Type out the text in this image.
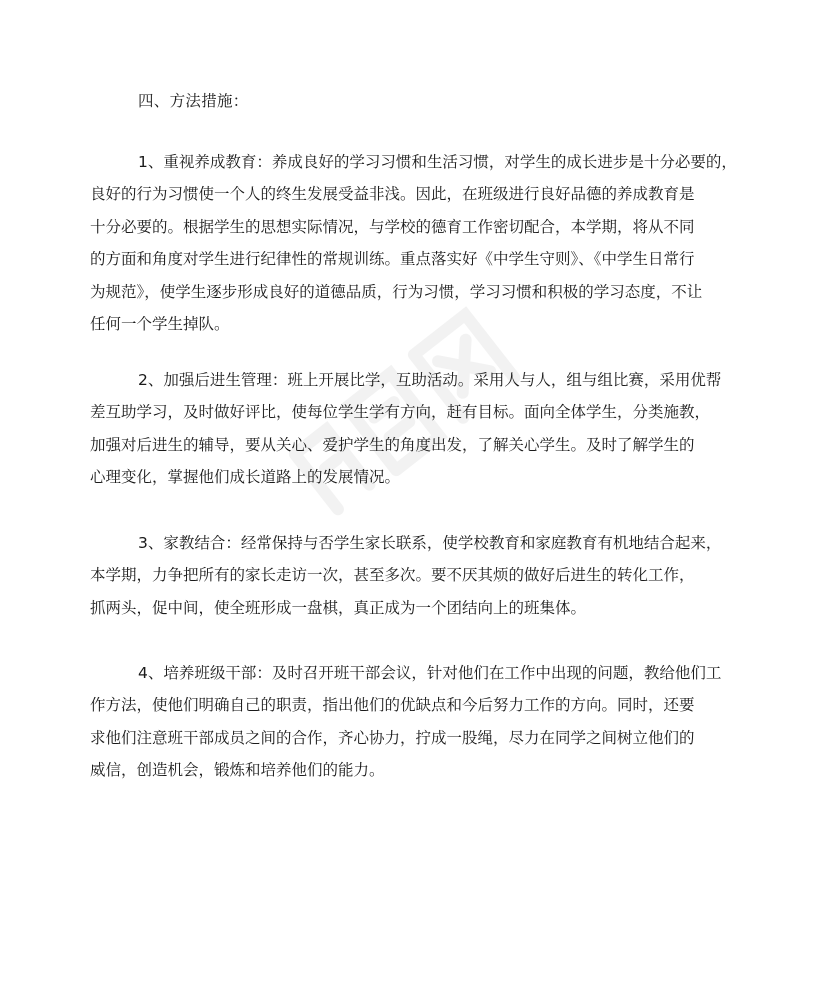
四、方法措施：
1、重视养成教育：养成良好的学习习惯和生活习惯，对学生的成长进步是十分必要的，
良好的行为习惯使一个人的终生发展受益非浅。因此，在班级进行良好品德的养成教育是
十分必要的。根据学生的思想实际情况，与学校的德育工作密切配合，本学期，将从不同
的方面和角度对学生进行纪律性的常规训练。重点落实好《中学生守则》、《中学生日常行
为规范》，使学生逐步形成良好的道德品质，行为习惯，学习习惯和积极的学习态度，不让
任何一个学生掉队。
2、加强后进生管理：班上开展比学，互助活动。采用人与人，组与组比赛，采用优帮
差互助学习，及时做好评比，使每位学生学有方向，赶有目标。面向全体学生，分类施教，
加强对后进生的辅导，要从关心、爱护学生的角度出发，了解关心学生。及时了解学生的
心理变化，掌握他们成长道路上的发展情况。
3、家教结合：经常保持与否学生家长联系，使学校教育和家庭教育有机地结合起来，
本学期，力争把所有的家长走访一次，甚至多次。要不厌其烦的做好后进生的转化工作，
抓两头，促中间，使全班形成一盘棋，真正成为一个团结向上的班集体。
4、培养班级干部：及时召开班干部会议，针对他们在工作中出现的问题，教给他们工
作方法，使他们明确自己的职责，指出他们的优缺点和今后努力工作的方向。同时，还要
求他们注意班干部成员之间的合作，齐心协力，拧成一股绳，尽力在同学之间树立他们的
威信，创造机会，锻炼和培养他们的能力。
